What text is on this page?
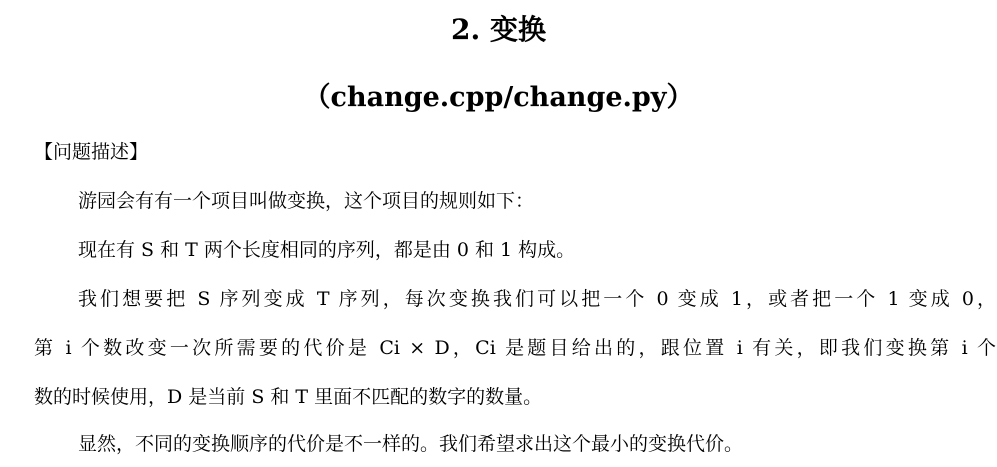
2. 变换
（change.cpp/change.py）
【问题描述】
游园会有有一个项目叫做变换，这个项目的规则如下：
现在有 S 和 T 两个长度相同的序列，都是由 0 和 1 构成。
我们想要把 S 序列变成 T 序列，每次变换我们可以把一个 0 变成 1，或者把一个 1 变成 0，
第 i 个数改变一次所需要的代价是 Ci × D，Ci 是题目给出的，跟位置 i 有关，即我们变换第 i 个
数的时候使用，D 是当前 S 和 T 里面不匹配的数字的数量。
显然，不同的变换顺序的代价是不一样的。我们希望求出这个最小的变换代价。
